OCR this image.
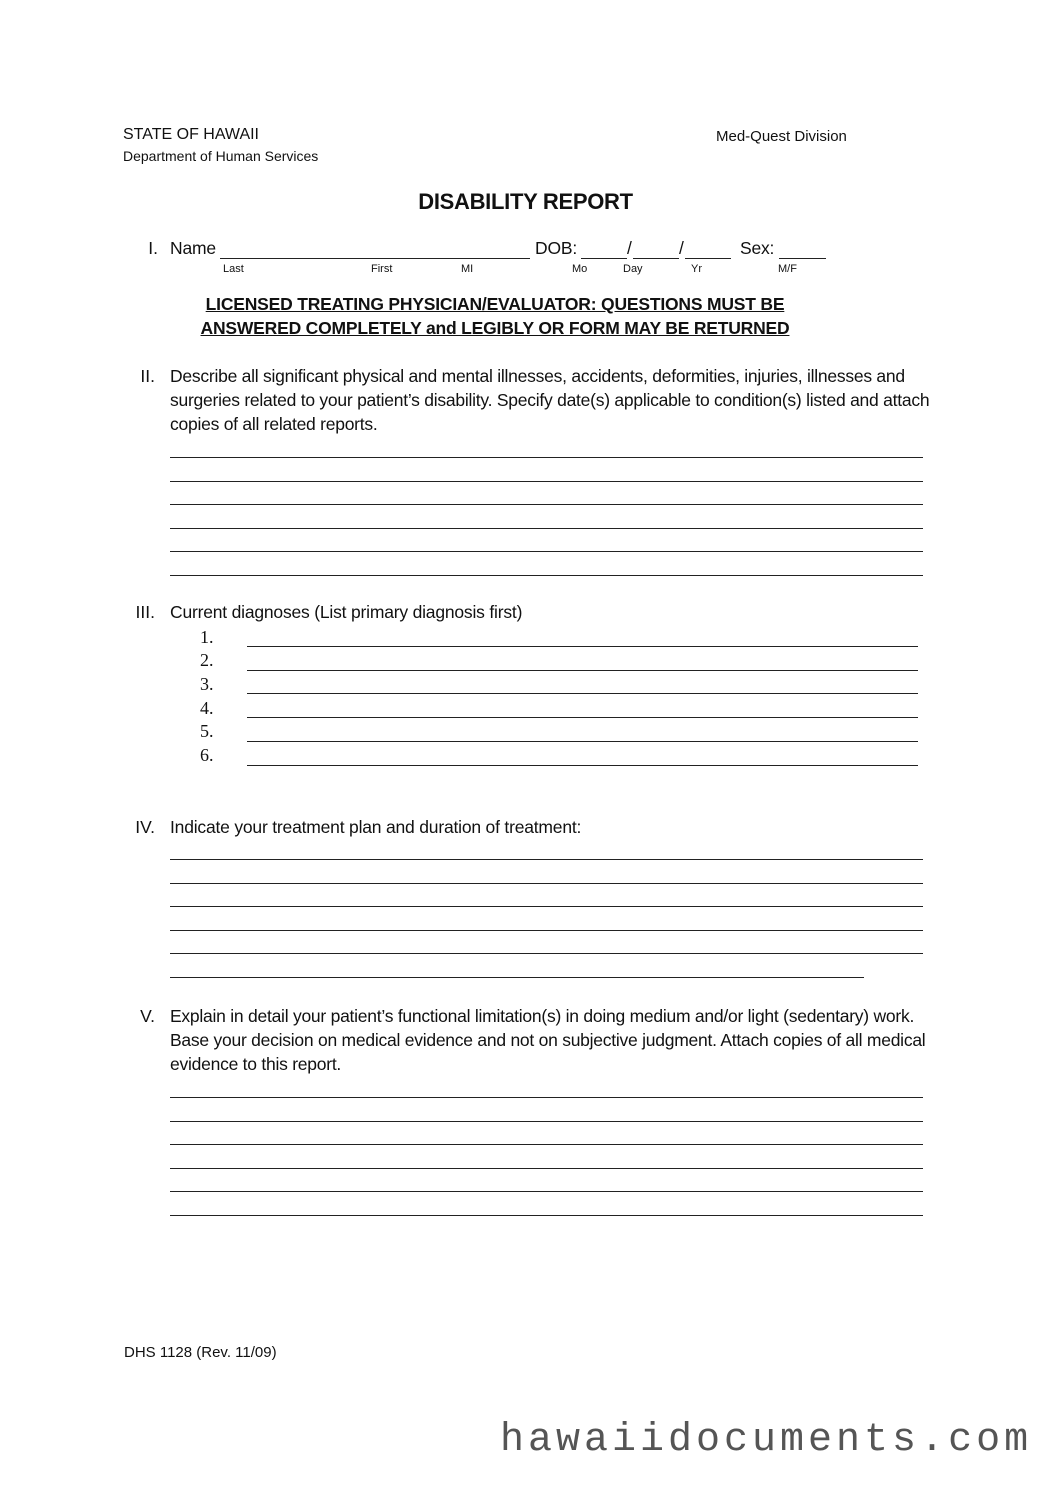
STATE OF HAWAII
Department of Human Services
Med-Quest Division
DISABILITY REPORT
I. Name	DOB:	/	/	Sex:
Last	First	MI	Mo	Day	Yr	M/F
LICENSED TREATING PHYSICIAN/EVALUATOR: QUESTIONS MUST BE
ANSWERED COMPLETELY and LEGIBLY OR FORM MAY BE RETURNED
II. Describe all significant physical and mental illnesses, accidents, deformities, injuries, illnesses and surgeries related to your patient’s disability. Specify date(s) applicable to condition(s) listed and attach copies of all related reports.
III. Current diagnoses (List primary diagnosis first)
1.
2.
3.
4.
5.
6.
IV. Indicate your treatment plan and duration of treatment:
V. Explain in detail your patient’s functional limitation(s) in doing medium and/or light (sedentary) work. Base your decision on medical evidence and not on subjective judgment. Attach copies of all medical evidence to this report.
DHS 1128 (Rev. 11/09)
hawaiidocuments.com
